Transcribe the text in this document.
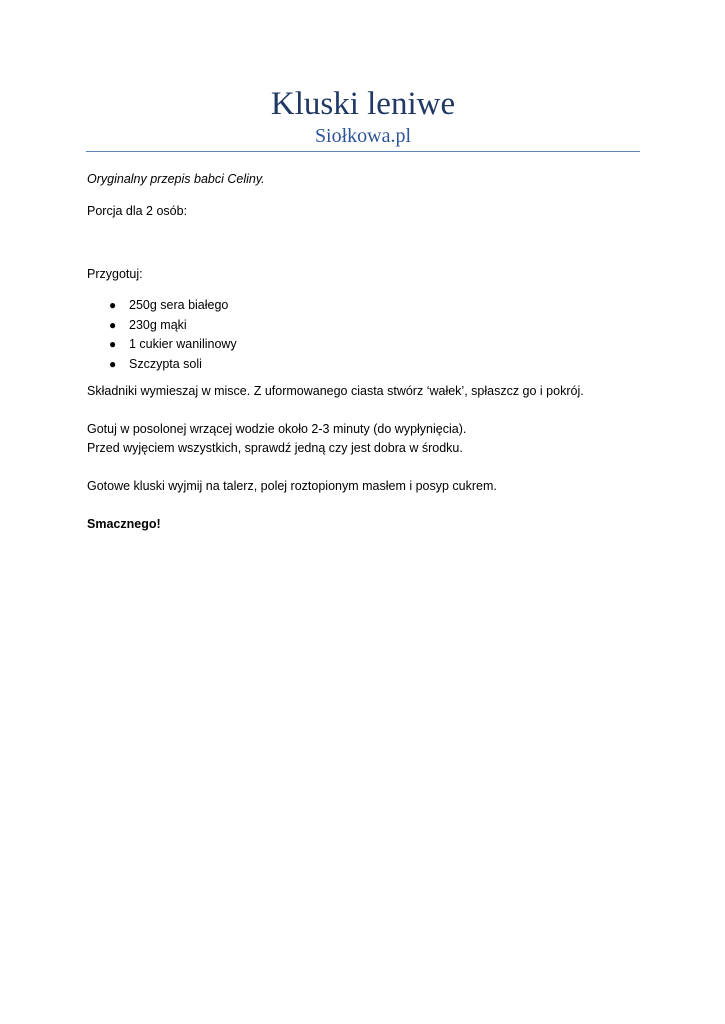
Kluski leniwe
Siołkowa.pl

Oryginalny przepis babci Celiny.

Porcja dla 2 osób:

Przygotuj:

● 250g sera białego
● 230g mąki
● 1 cukier wanilinowy
● Szczypta soli

Składniki wymieszaj w misce. Z uformowanego ciasta stwórz ‘wałek’, spłaszcz go i pokrój.

Gotuj w posolonej wrzącej wodzie około 2-3 minuty (do wypłynięcia).

Przed wyjęciem wszystkich, sprawdź jedną czy jest dobra w środku.

Gotowe kluski wyjmij na talerz, polej roztopionym masłem i posyp cukrem.

Smacznego!
